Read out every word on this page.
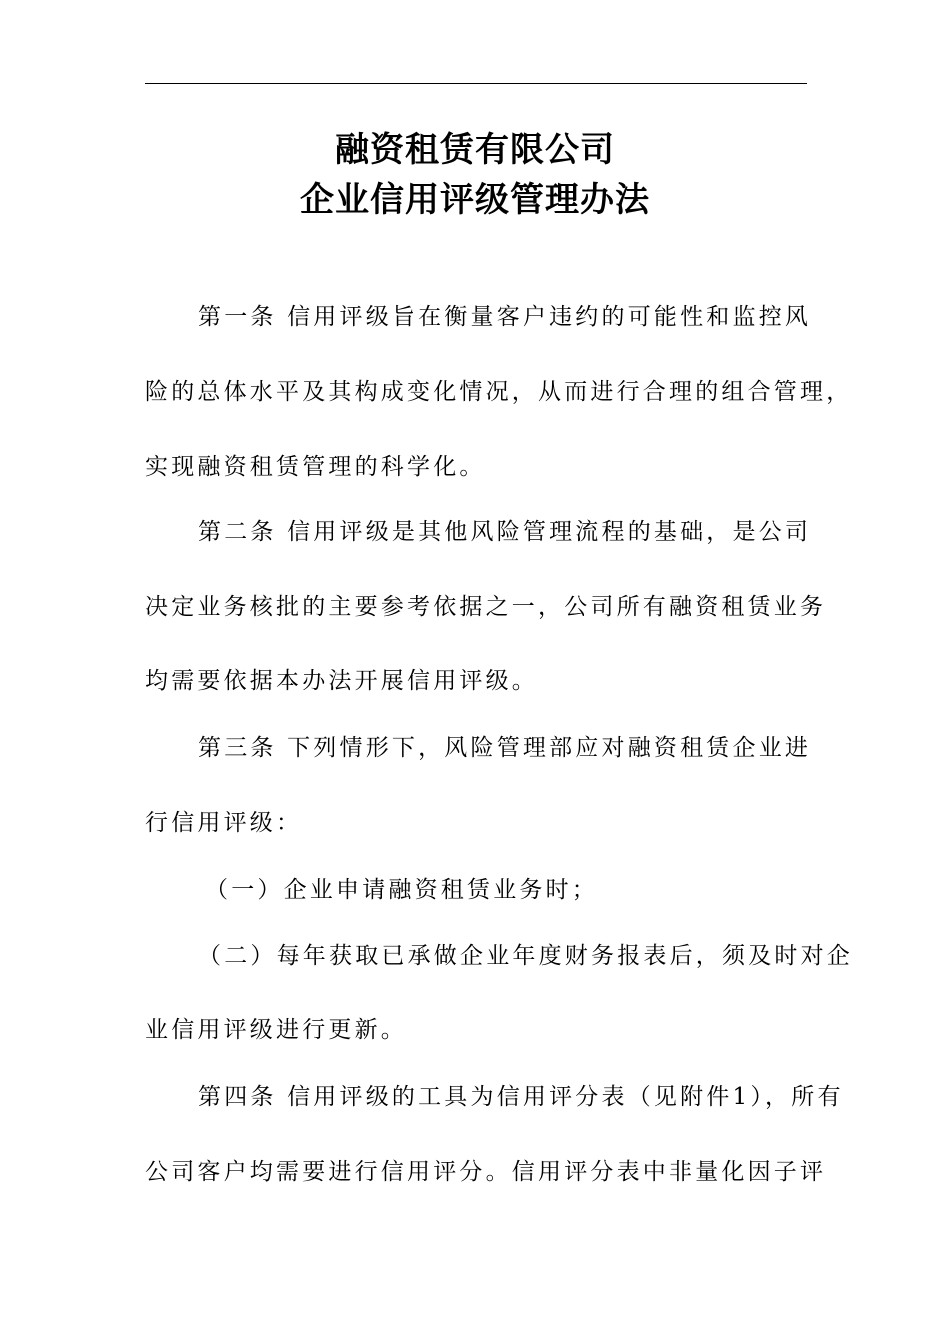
融资租赁有限公司
企业信用评级管理办法
第一条 信用评级旨在衡量客户违约的可能性和监控风
险的总体水平及其构成变化情况，从而进行合理的组合管理，
实现融资租赁管理的科学化。
第二条 信用评级是其他风险管理流程的基础，是公司
决定业务核批的主要参考依据之一，公司所有融资租赁业务
均需要依据本办法开展信用评级。
第三条 下列情形下，风险管理部应对融资租赁企业进
行信用评级：
（一）企业申请融资租赁业务时；
（二）每年获取已承做企业年度财务报表后，须及时对企
业信用评级进行更新。
第四条 信用评级的工具为信用评分表（见附件1），所有
公司客户均需要进行信用评分。信用评分表中非量化因子评
